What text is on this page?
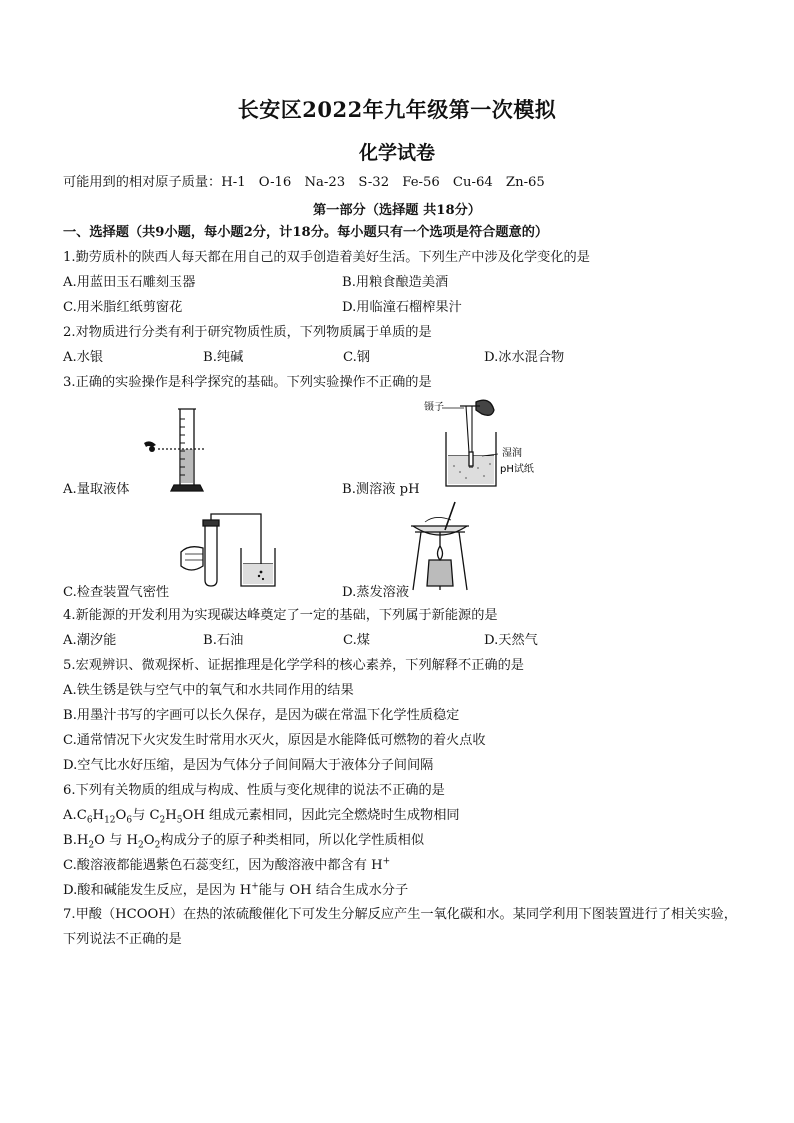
长安区2022年九年级第一次模拟
化学试卷
可能用到的相对原子质量：H-1　O-16　Na-23　S-32　Fe-56　Cu-64　Zn-65
第一部分（选择题 共18分）
一、选择题（共9小题，每小题2分，计18分。每小题只有一个选项是符合题意的）
1.勤劳质朴的陕西人每天都在用自己的双手创造着美好生活。下列生产中涉及化学变化的是
A.用蓝田玉石雕刻玉器	B.用粮食酿造美酒
C.用米脂红纸剪窗花	D.用临潼石榴榨果汁
2.对物质进行分类有利于研究物质性质，下列物质属于单质的是
A.水银	B.纯碱	C.钢	D.冰水混合物
3.正确的实验操作是科学探究的基础。下列实验操作不正确的是
镊子
湿润
pH试纸
A.量取液体	B.测溶液 pH
C.检查装置气密性	D.蒸发溶液
4.新能源的开发利用为实现碳达峰奠定了一定的基础，下列属于新能源的是
A.潮汐能	B.石油	C.煤	D.天然气
5.宏观辨识、微观探析、证据推理是化学学科的核心素养，下列解释不正确的是
A.铁生锈是铁与空气中的氧气和水共同作用的结果
B.用墨汁书写的字画可以长久保存，是因为碳在常温下化学性质稳定
C.通常情况下火灾发生时常用水灭火，原因是水能降低可燃物的着火点收
D.空气比水好压缩，是因为气体分子间间隔大于液体分子间间隔
6.下列有关物质的组成与构成、性质与变化规律的说法不正确的是
$A.C_6H_{12}O_6$与 $C_2H_5OH$ 组成元素相同，因此完全燃烧时生成物相同
$B.H_2O$ 与 $H_2O_2$构成分子的原子种类相同，所以化学性质相似
C.酸溶液都能遇紫色石蕊变红，因为酸溶液中都含有 H+
D.酸和碱能发生反应，是因为 H+能与 OH 结合生成水分子
7.甲酸（HCOOH）在热的浓硫酸催化下可发生分解反应产生一氧化碳和水。某同学利用下图装置进行了相关实验，下列说法不正确的是
